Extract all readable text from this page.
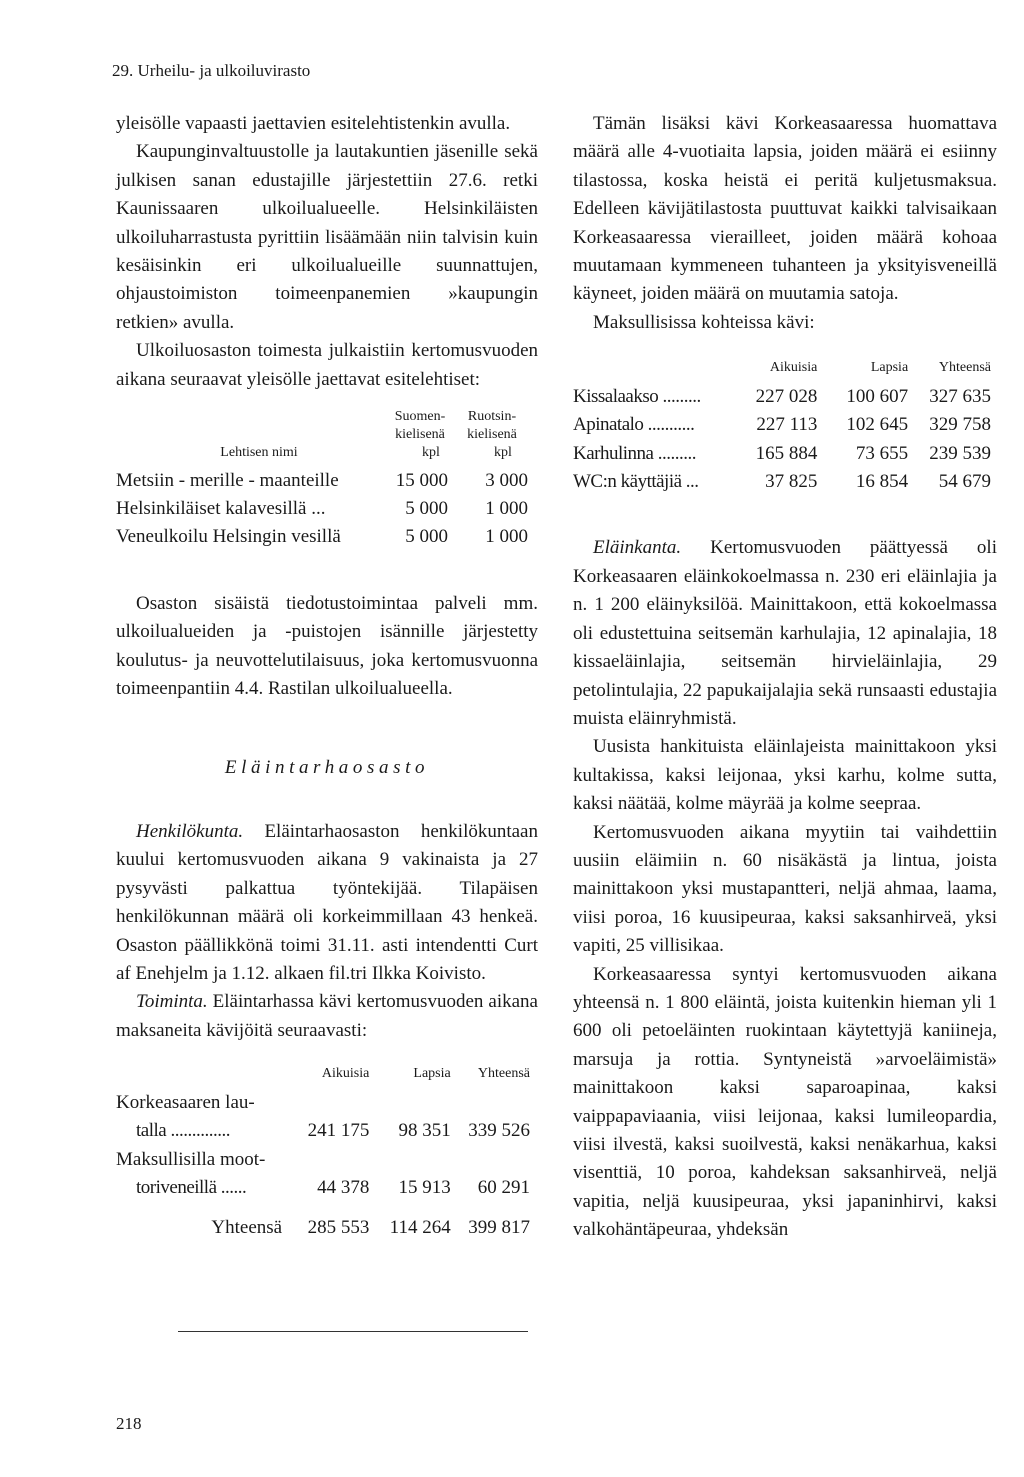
29. Urheilu- ja ulkoiluvirasto

yleisölle vapaasti jaettavien esitelehtistenkin avulla.

Kaupunginvaltuustolle ja lautakuntien jäsenille sekä julkisen sanan edustajille järjestettiin 27.6. retki Kaunissaaren ulkoilualueelle. Helsinkiläisten ulkoiluharrastusta pyrittiin lisäämään niin talvisin kuin kesäisinkin eri ulkoilualueille suunnattujen, ohjaustoimiston toimeenpanemien »kaupungin retkien» avulla.

Ulkoiluosaston toimesta julkaistiin kertomusvuoden aikana seuraavat yleisölle jaettavat esitelehtiset:

Lehtisen nimi	Suomen-kielisenä	Ruotsin-kielisenä
	kpl	kpl
Metsiin - merille - maanteille	15 000	3 000
Helsinkiläiset kalavesillä ...	5 000	1 000
Veneulkoilu Helsingin vesillä	5 000	1 000

Osaston sisäistä tiedotustoimintaa palveli mm. ulkoilualueiden ja -puistojen isännille järjestetty koulutus- ja neuvottelutilaisuus, joka kertomusvuonna toimeenpantiin 4.4. Rastilan ulkoilualueella.

Eläintarhaosasto

Henkilökunta. Eläintarhaosaston henkilökuntaan kuului kertomusvuoden aikana 9 vakinaista ja 27 pysyvästi palkattua työntekijää. Tilapäisen henkilökunnan määrä oli korkeimmillaan 43 henkeä. Osaston päällikkönä toimi 31.11. asti intendentti Curt af Enehjelm ja 1.12. alkaen fil.tri Ilkka Koivisto.

Toiminta. Eläintarhassa kävi kertomusvuoden aikana maksaneita kävijöitä seuraavasti:

	Aikuisia	Lapsia	Yhteensä
Korkeasaaren lau-			
talla ..............	241 175	98 351	339 526
Maksullisilla moot-			
toriveneillä ......	44 378	15 913	60 291
Yhteensä	285 553	114 264	399 817

Tämän lisäksi kävi Korkeasaaressa huomattava määrä alle 4-vuotiaita lapsia, joiden määrä ei esiinny tilastossa, koska heistä ei peritä kuljetusmaksua. Edelleen kävijätilastosta puuttuvat kaikki talvisaikaan Korkeasaaressa vierailleet, joiden määrä kohoaa muutamaan kymmeneen tuhanteen ja yksityisveneillä käyneet, joiden määrä on muutamia satoja.

Maksullisissa kohteissa kävi:

	Aikuisia	Lapsia	Yhteensä
Kissalaakso .........	227 028	100 607	327 635
Apinatalo ...........	227 113	102 645	329 758
Karhulinna .........	165 884	73 655	239 539
WC:n käyttäjiä ...	37 825	16 854	54 679

Eläinkanta. Kertomusvuoden päättyessä oli Korkeasaaren eläinkokoelmassa n. 230 eri eläinlajia ja n. 1 200 eläinyksilöä. Mainittakoon, että kokoelmassa oli edustettuina seitsemän karhulajia, 12 apinalajia, 18 kissaeläinlajia, seitsemän hirvieläinlajia, 29 petolintulajia, 22 papukaijalajia sekä runsaasti edustajia muista eläinryhmistä.

Uusista hankituista eläinlajeista mainittakoon yksi kultakissa, kaksi leijonaa, yksi karhu, kolme sutta, kaksi näätää, kolme mäyrää ja kolme seepraa.

Kertomusvuoden aikana myytiin tai vaihdettiin uusiin eläimiin n. 60 nisäkästä ja lintua, joista mainittakoon yksi mustapantteri, neljä ahmaa, laama, viisi poroa, 16 kuusipeuraa, kaksi saksanhirveä, yksi vapiti, 25 villisikaa.

Korkeasaaressa syntyi kertomusvuoden aikana yhteensä n. 1 800 eläintä, joista kuitenkin hieman yli 1 600 oli petoeläinten ruokintaan käytettyjä kaniineja, marsuja ja rottia. Syntyneistä »arvoeläimistä» mainittakoon kaksi saparoapinaa, kaksi vaippapaviaania, viisi leijonaa, kaksi lumileopardia, viisi ilvestä, kaksi suoilvestä, kaksi nenäkarhua, kaksi visenttiä, 10 poroa, kahdeksan saksanhirveä, neljä vapitia, neljä kuusipeuraa, yksi japaninhirvi, kaksi valkohäntäpeuraa, yhdeksän

218
